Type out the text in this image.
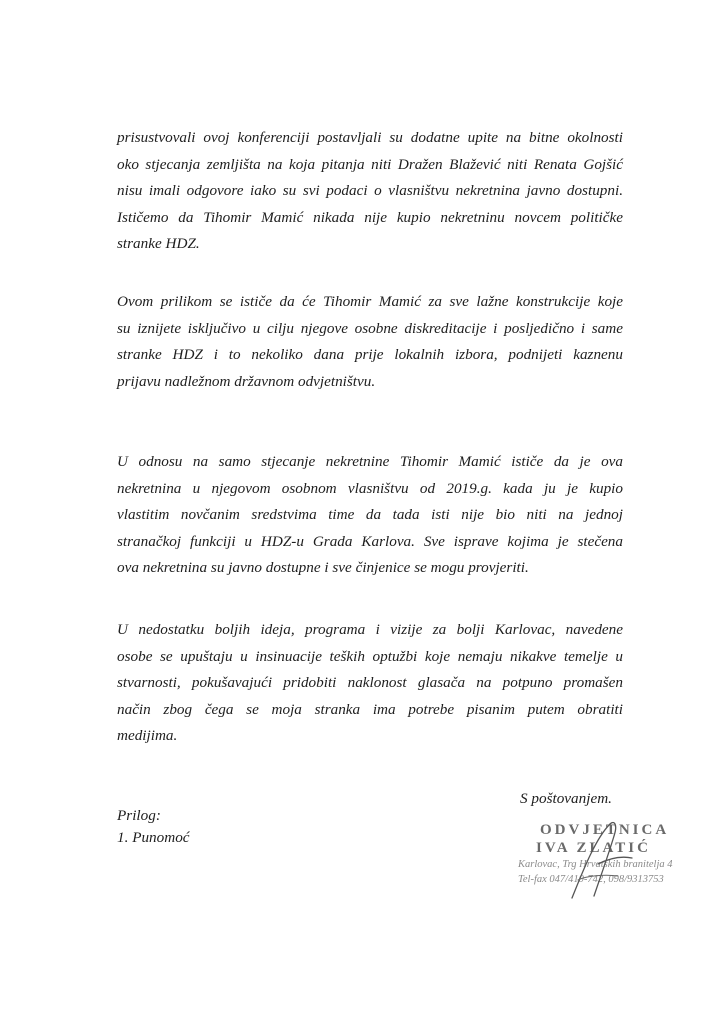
prisustvovali ovoj konferenciji postavljali su dodatne upite na bitne okolnosti
oko stjecanja zemljišta na koja pitanja niti Dražen Blažević niti Renata Gojšić
nisu imali odgovore iako su svi podaci o vlasništvu nekretnina javno dostupni.
Ističemo da Tihomir Mamić nikada nije kupio nekretninu novcem političke
stranke HDZ.

Ovom prilikom se ističe da će Tihomir Mamić za sve lažne konstrukcije koje
su iznijete isključivo u cilju njegove osobne diskreditacije i posljedično i same
stranke HDZ i to nekoliko dana prije lokalnih izbora, podnijeti kaznenu
prijavu nadležnom državnom odvjetništvu.

U odnosu na samo stjecanje nekretnine Tihomir Mamić ističe da je ova
nekretnina u njegovom osobnom vlasništvu od 2019.g. kada ju je kupio
vlastitim novčanim sredstvima time da tada isti nije bio niti na jednoj
stranačkoj funkciji u HDZ-u Grada Karlova. Sve isprave kojima je stečena
ova nekretnina su javno dostupne i sve činjenice se mogu provjeriti.

U nedostatku boljih ideja, programa i vizije za bolji Karlovac, navedene
osobe se upuštaju u insinuacije teških optužbi koje nemaju nikakve temelje u
stvarnosti, pokušavajući pridobiti naklonost glasača na potpuno promašen
način zbog čega se moja stranka ima potrebe pisanim putem obratiti
medijima.

S poštovanjem.
Prilog:
1. Punomoć	ODVJETNICA
IVA ZLATIĆ
Karlovac, Trg Hrvatskih branitelja 4
Tel-fax 047/410-742, 098/9313753
